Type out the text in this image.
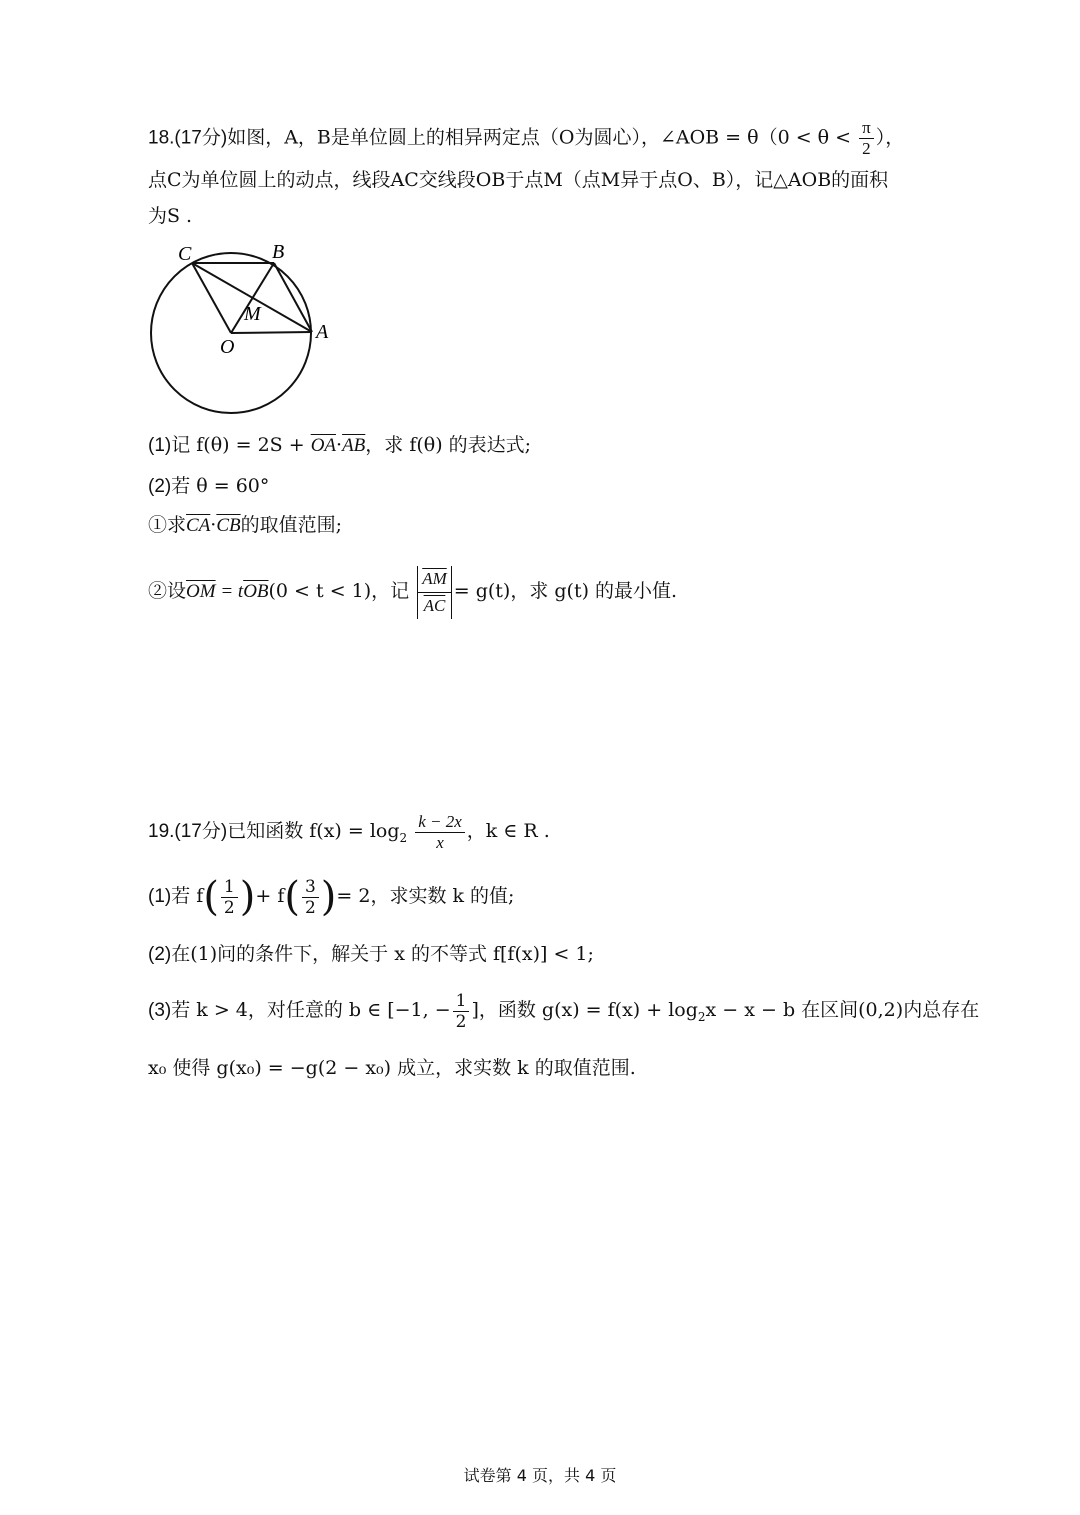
18.(17分)如图，A，B是单位圆上的相异两定点（O为圆心），∠AOB = $\theta(0 < \theta < \frac{\pi}{2}$ ），
点C为单位圆上的动点，线段AC交线段OB于点M（点M异于点O、B），记△AOB的面积
为S .
C	B
M
A
O
(1)记 $f(\theta) = 2S + \overline{OA}\cdot\overline{AB}$，求 f(θ) 的表达式;
(2)若 θ = 60°
①求$\overline{CA}\cdot\overline{CB}$的取值范围;
②设$\overline{OM} = t\overline{OB}(0 < t < 1)$，记 $\frac{\overline{AM}}{AC} = g(t)$，求 g(t) 的最小值.
19.(17分)已知函数 $f(x) = \log_2 \frac{k - 2x}{x}$ ，k ∈ R .
(1)若 $f( \frac{1}{2}$ )+ $f( \frac{3}{2}$ )= 2，求实数 k 的值;
(2)在(1)问的条件下，解关于 x 的不等式 f[f(x)] < 1;
(3)若 k > 4，对任意的 b ∈ [−1, − $\frac{1}{2}$ ]，函数 $g(x) = f(x) + \log_2x - x - b$ 在区间(0,2)内总存在
x₀ 使得 g(x₀) = −g(2 − x₀) 成立，求实数 k 的取值范围.
试卷第 4 页，共 4 页
